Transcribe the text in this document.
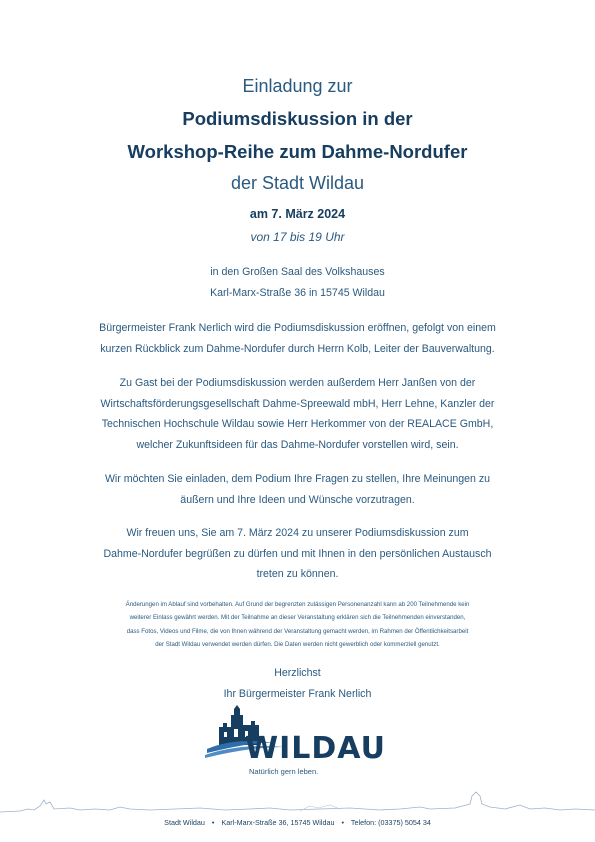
Einladung zur
Podiumsdiskussion in der
Workshop-Reihe zum Dahme-Nordufer
der Stadt Wildau
am 7. März 2024
von 17 bis 19 Uhr
in den Großen Saal des Volkshauses
Karl-Marx-Straße 36 in 15745 Wildau
Bürgermeister Frank Nerlich wird die Podiumsdiskussion eröffnen, gefolgt von einem
kurzen Rückblick zum Dahme-Nordufer durch Herrn Kolb, Leiter der Bauverwaltung.
Zu Gast bei der Podiumsdiskussion werden außerdem Herr Janßen von der
Wirtschaftsförderungsgesellschaft Dahme-Spreewald mbH, Herr Lehne, Kanzler der
Technischen Hochschule Wildau sowie Herr Herkommer von der REALACE GmbH,
welcher Zukunftsideen für das Dahme-Nordufer vorstellen wird, sein.
Wir möchten Sie einladen, dem Podium Ihre Fragen zu stellen, Ihre Meinungen zu
äußern und Ihre Ideen und Wünsche vorzutragen.
Wir freuen uns, Sie am 7. März 2024 zu unserer Podiumsdiskussion zum
Dahme-Nordufer begrüßen zu dürfen und mit Ihnen in den persönlichen Austausch
treten zu können.
Änderungen im Ablauf sind vorbehalten. Auf Grund der begrenzten zulässigen Personenanzahl kann ab 200 Teilnehmende kein
weiterer Einlass gewährt werden. Mit der Teilnahme an dieser Veranstaltung erklären sich die Teilnehmenden einverstanden,
dass Fotos, Videos und Filme, die von Ihnen während der Veranstaltung gemacht werden, im Rahmen der Öffentlichkeitsarbeit
der Stadt Wildau verwendet werden dürfen. Die Daten werden nicht gewerblich oder kommerziell genutzt.
Herzlichst
Ihr Bürgermeister Frank Nerlich
WILDAU
Natürlich gern leben.
Stadt Wildau • Karl-Marx-Straße 36, 15745 Wildau • Telefon: (03375) 5054 34
